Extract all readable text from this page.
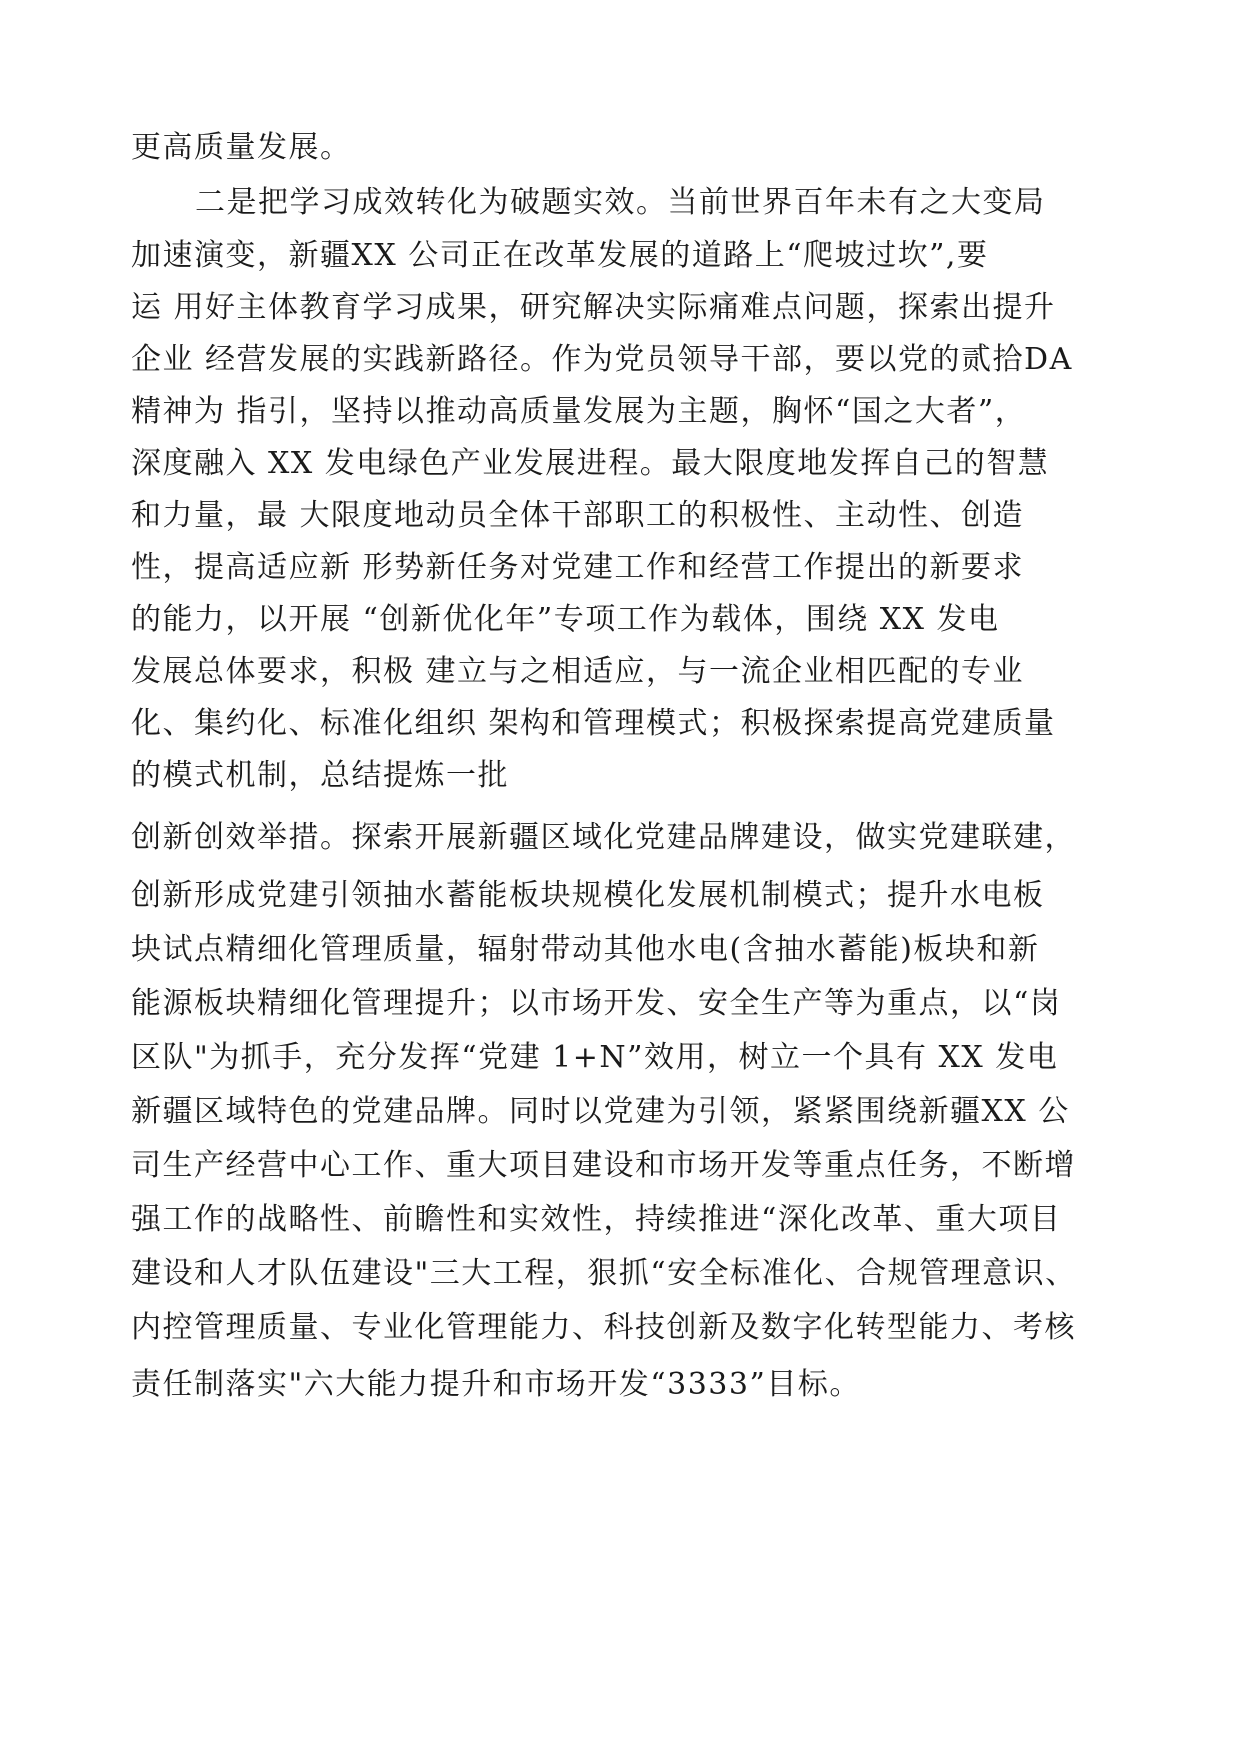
更高质量发展。
二是把学习成效转化为破题实效。当前世界百年未有之大变局
加速演变，新疆XX 公司正在改革发展的道路上“爬坡过坎”,要
运 用好主体教育学习成果，研究解决实际痛难点问题，探索出提升
企业 经营发展的实践新路径。作为党员领导干部，要以党的贰拾DA
精神为 指引，坚持以推动高质量发展为主题，胸怀“国之大者”，
深度融入 XX 发电绿色产业发展进程。最大限度地发挥自己的智慧
和力量，最 大限度地动员全体干部职工的积极性、主动性、创造
性，提高适应新 形势新任务对党建工作和经营工作提出的新要求
的能力，以开展 “创新优化年”专项工作为载体，围绕 XX 发电
发展总体要求，积极 建立与之相适应，与一流企业相匹配的专业
化、集约化、标准化组织 架构和管理模式；积极探索提高党建质量
的模式机制，总结提炼一批
创新创效举措。探索开展新疆区域化党建品牌建设，做实党建联建，
创新形成党建引领抽水蓄能板块规模化发展机制模式；提升水电板
块试点精细化管理质量，辐射带动其他水电(含抽水蓄能)板块和新
能源板块精细化管理提升；以市场开发、安全生产等为重点，以“岗
区队"为抓手，充分发挥“党建 1+N”效用，树立一个具有 XX 发电
新疆区域特色的党建品牌。同时以党建为引领，紧紧围绕新疆XX 公
司生产经营中心工作、重大项目建设和市场开发等重点任务，不断增
强工作的战略性、前瞻性和实效性，持续推进“深化改革、重大项目
建设和人才队伍建设"三大工程，狠抓“安全标准化、合规管理意识、
内控管理质量、专业化管理能力、科技创新及数字化转型能力、考核
责任制落实"六大能力提升和市场开发“3333”目标。
